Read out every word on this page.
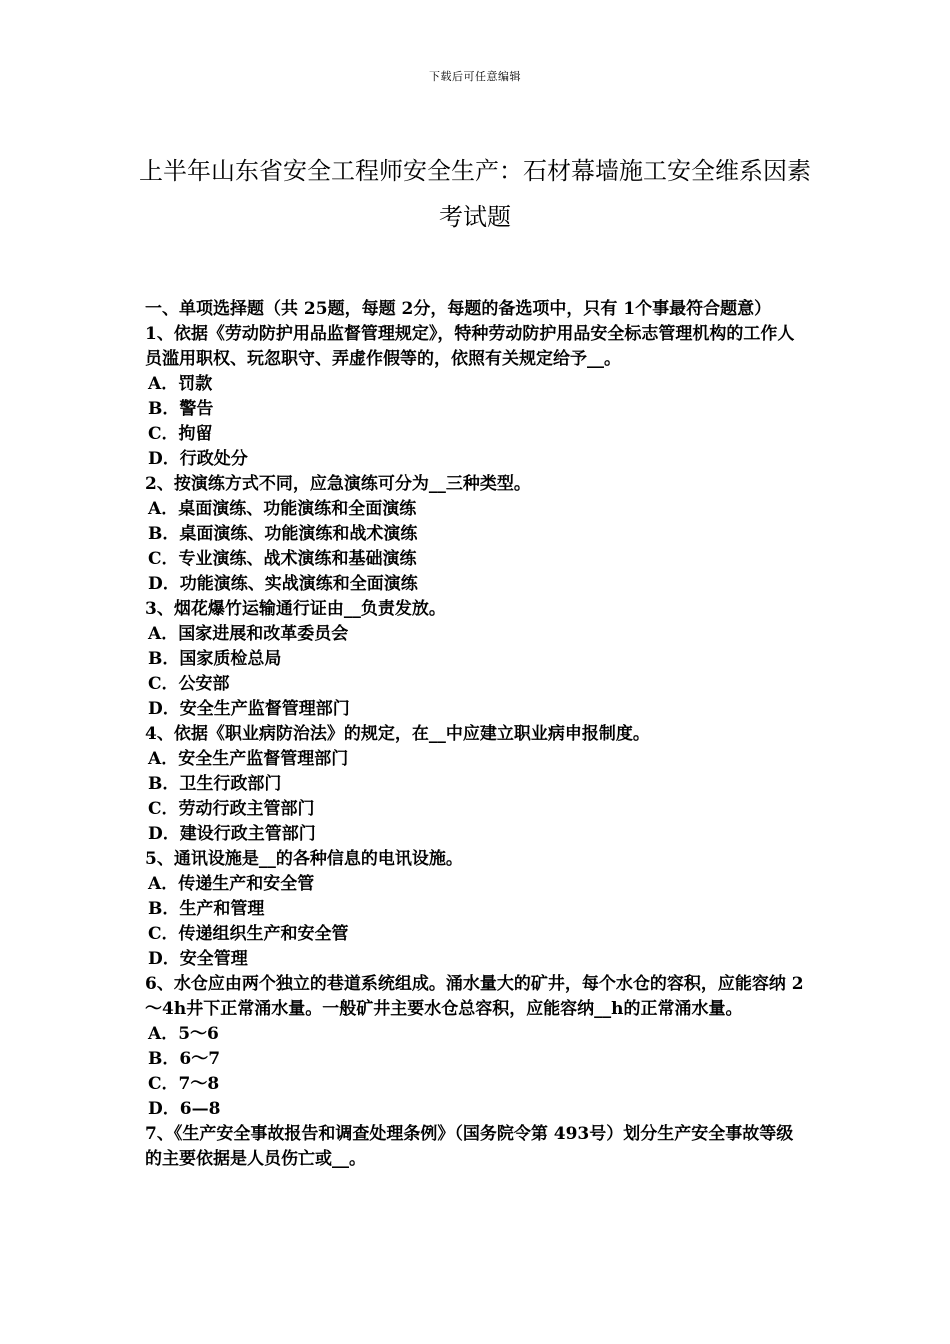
下载后可任意编辑
上半年山东省安全工程师安全生产：石材幕墙施工安全维系因素考试题

一、单项选择题（共 25题，每题 2分，每题的备选项中，只有 1个事最符合题意）

1、依据《劳动防护用品监督管理规定》，特种劳动防护用品安全标志管理机构的工作人员滥用职权、玩忽职守、弄虚作假等的，依照有关规定给予__。

A．罚款

B．警告

C．拘留

D．行政处分

2、按演练方式不同，应急演练可分为__三种类型。

A．桌面演练、功能演练和全面演练

B．桌面演练、功能演练和战术演练

C．专业演练、战术演练和基础演练

D．功能演练、实战演练和全面演练

3、烟花爆竹运输通行证由__负责发放。

A．国家进展和改革委员会

B．国家质检总局

C．公安部

D．安全生产监督管理部门

4、依据《职业病防治法》的规定，在__中应建立职业病申报制度。

A．安全生产监督管理部门

B．卫生行政部门

C．劳动行政主管部门

D．建设行政主管部门

5、通讯设施是__的各种信息的电讯设施。

A．传递生产和安全管

B．生产和管理

C．传递组织生产和安全管

D．安全管理

6、水仓应由两个独立的巷道系统组成。涌水量大的矿井，每个水仓的容积，应能容纳 2～4h井下正常涌水量。一般矿井主要水仓总容积，应能容纳__h的正常涌水量。

A．5～6

B．6～7

C．7～8

D．6—8

7、《生产安全事故报告和调查处理条例》（国务院令第 493号）划分生产安全事故等级的主要依据是人员伤亡或__。
